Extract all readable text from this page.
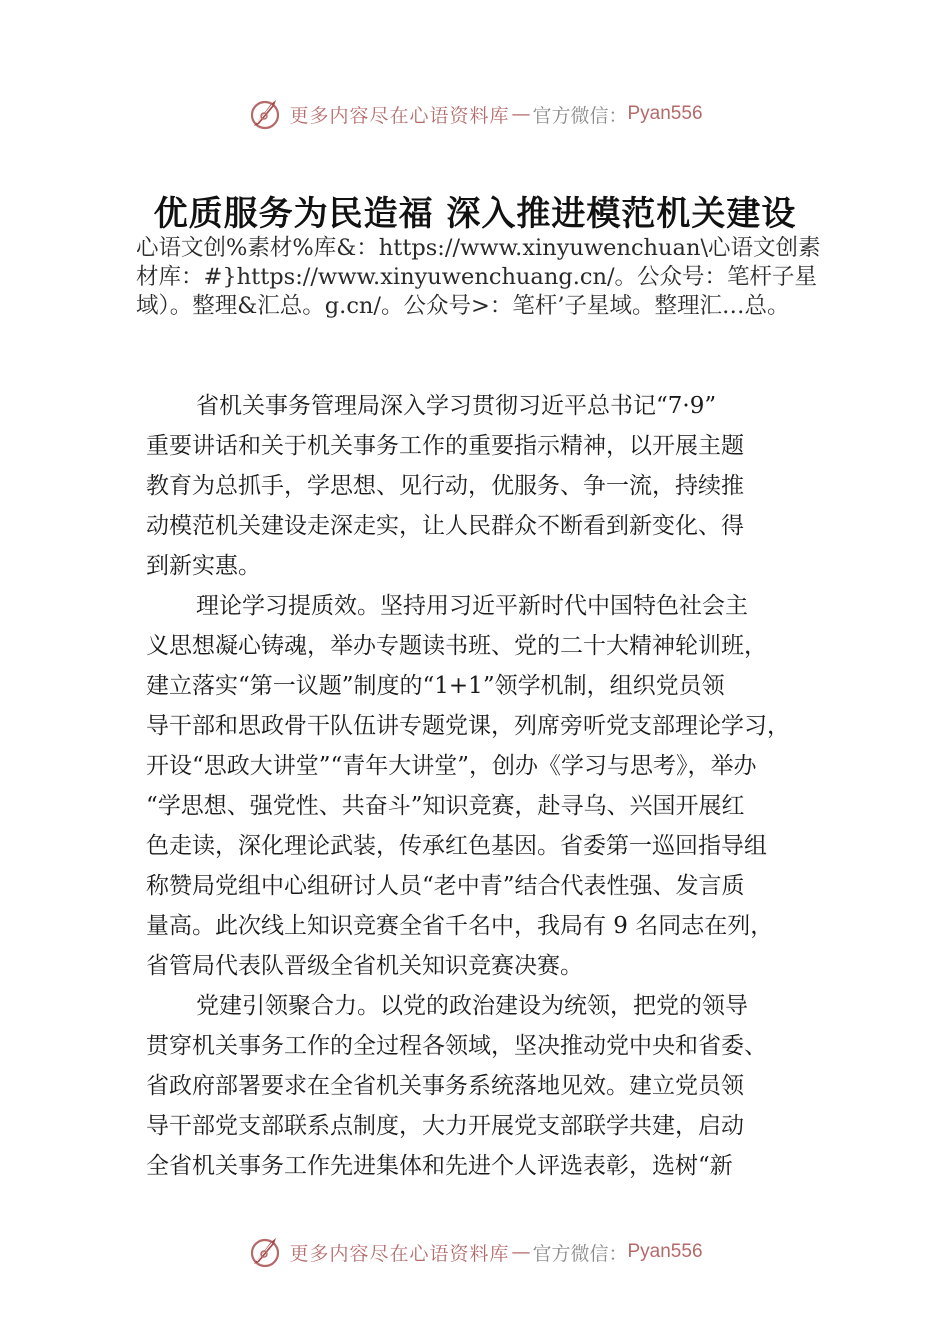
更多内容尽在心语资料库 — 官方微信： Pyan556
优质服务为民造福 深入推进模范机关建设
心语文创%素材%库&：https://www.xinyuwenchuan\心语文创素材库：#}https://www.xinyuwenchuang.cn/。公众号：笔杆子星域）。整理&汇总。g.cn/。公众号>：笔杆’子星域。整理汇…总。
省机关事务管理局深入学习贯彻习近平总书记“7·9”
重要讲话和关于机关事务工作的重要指示精神，以开展主题
教育为总抓手，学思想、见行动，优服务、争一流，持续推
动模范机关建设走深走实，让人民群众不断看到新变化、得
到新实惠。
理论学习提质效。坚持用习近平新时代中国特色社会主
义思想凝心铸魂，举办专题读书班、党的二十大精神轮训班，
建立落实“第一议题”制度的“1+1”领学机制，组织党员领
导干部和思政骨干队伍讲专题党课，列席旁听党支部理论学习，
开设“思政大讲堂”“青年大讲堂”，创办《学习与思考》，举办
“学思想、强党性、共奋斗”知识竞赛，赴寻乌、兴国开展红
色走读，深化理论武装，传承红色基因。省委第一巡回指导组
称赞局党组中心组研讨人员“老中青”结合代表性强、发言质
量高。此次线上知识竞赛全省千名中，我局有 9 名同志在列，
省管局代表队晋级全省机关知识竞赛决赛。
党建引领聚合力。以党的政治建设为统领，把党的领导
贯穿机关事务工作的全过程各领域，坚决推动党中央和省委、
省政府部署要求在全省机关事务系统落地见效。建立党员领
导干部党支部联系点制度，大力开展党支部联学共建，启动
全省机关事务工作先进集体和先进个人评选表彰，选树“新
更多内容尽在心语资料库 — 官方微信： Pyan556
